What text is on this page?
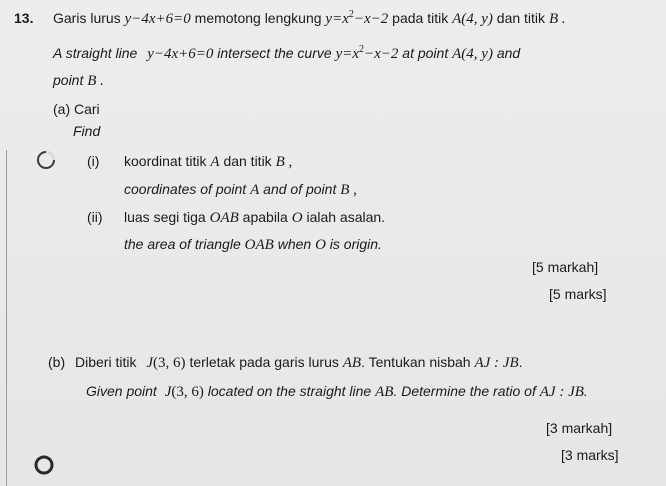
13. Garis lurus y−4x+6=0 memotong lengkung $y=x^2-x-2$ pada titik A(4, y) dan titik B .
A straight line y−4x+6=0 intersect the curve $y=x^2-x-2$ at point A(4, y) and
point B .
(a) Cari
Find
(i) koordinat titik A dan titik B ,
coordinates of point A and of point B ,
(ii) luas segi tiga OAB apabila O ialah asalan.
the area of triangle OAB when O is origin.
[5 markah]
[5 marks]
(b) Diberi titik J(3, 6) terletak pada garis lurus AB. Tentukan nisbah AJ : JB.
Given point J(3, 6) located on the straight line AB. Determine the ratio of AJ : JB.
[3 markah]
[3 marks]
